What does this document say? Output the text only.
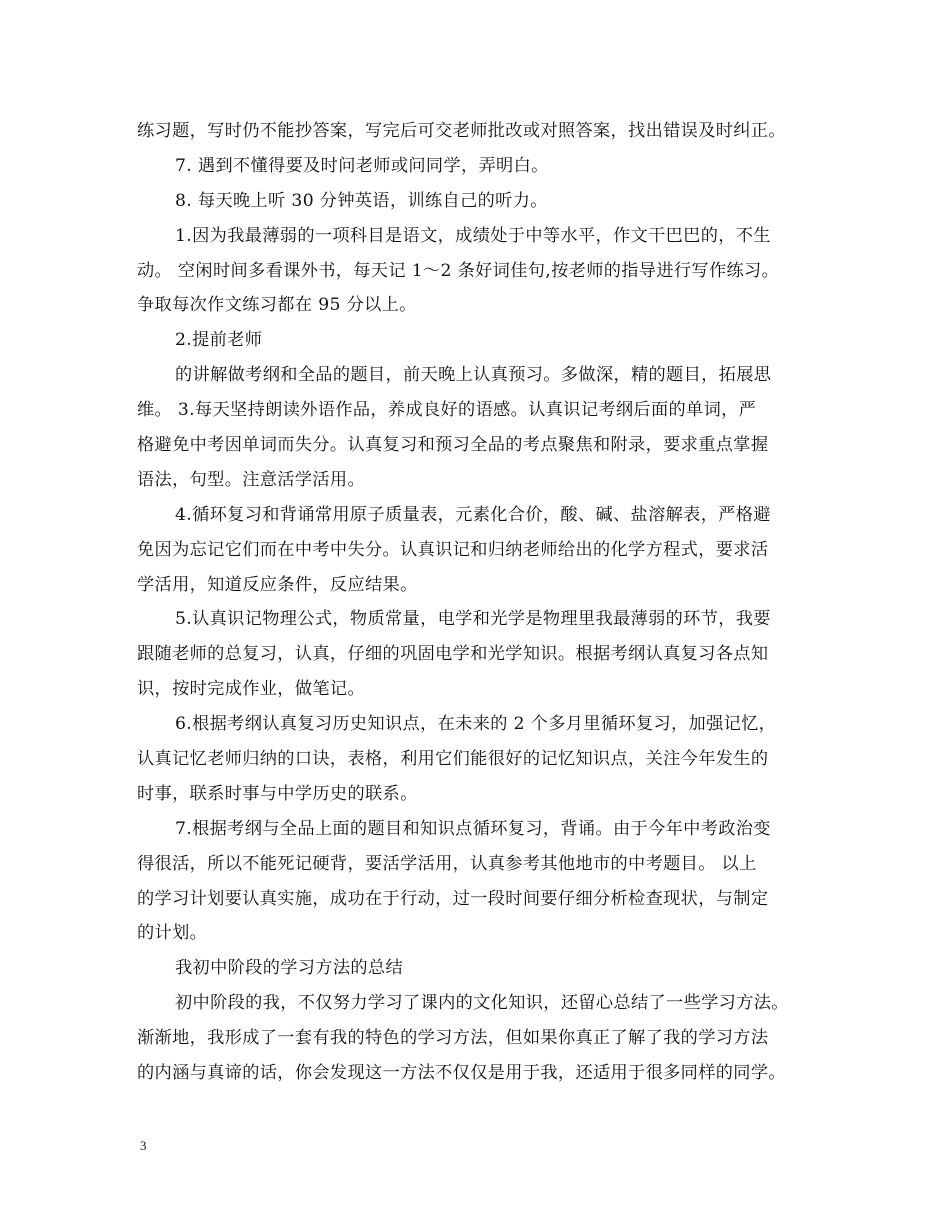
练习题，写时仍不能抄答案，写完后可交老师批改或对照答案，找出错误及时纠正。
7. 遇到不懂得要及时问老师或问同学，弄明白。
8. 每天晚上听 30 分钟英语，训练自己的听力。
1.因为我最薄弱的一项科目是语文，成绩处于中等水平，作文干巴巴的，不生
动。 空闲时间多看课外书，每天记 1～2 条好词佳句,按老师的指导进行写作练习。
争取每次作文练习都在 95 分以上。
2.提前老师
的讲解做考纲和全品的题目，前天晚上认真预习。多做深，精的题目，拓展思
维。 3.每天坚持朗读外语作品，养成良好的语感。认真识记考纲后面的单词，严
格避免中考因单词而失分。认真复习和预习全品的考点聚焦和附录，要求重点掌握
语法，句型。注意活学活用。
4.循环复习和背诵常用原子质量表，元素化合价，酸、碱、盐溶解表，严格避
免因为忘记它们而在中考中失分。认真识记和归纳老师给出的化学方程式，要求活
学活用，知道反应条件，反应结果。
5.认真识记物理公式，物质常量，电学和光学是物理里我最薄弱的环节，我要
跟随老师的总复习，认真，仔细的巩固电学和光学知识。根据考纲认真复习各点知
识，按时完成作业，做笔记。
6.根据考纲认真复习历史知识点，在未来的 2 个多月里循环复习，加强记忆，
认真记忆老师归纳的口诀，表格，利用它们能很好的记忆知识点，关注今年发生的
时事，联系时事与中学历史的联系。
7.根据考纲与全品上面的题目和知识点循环复习，背诵。由于今年中考政治变
得很活，所以不能死记硬背，要活学活用，认真参考其他地市的中考题目。 以上
的学习计划要认真实施，成功在于行动，过一段时间要仔细分析检查现状，与制定
的计划。
我初中阶段的学习方法的总结
初中阶段的我，不仅努力学习了课内的文化知识，还留心总结了一些学习方法。
渐渐地，我形成了一套有我的特色的学习方法，但如果你真正了解了我的学习方法
的内涵与真谛的话，你会发现这一方法不仅仅是用于我，还适用于很多同样的同学。
3
